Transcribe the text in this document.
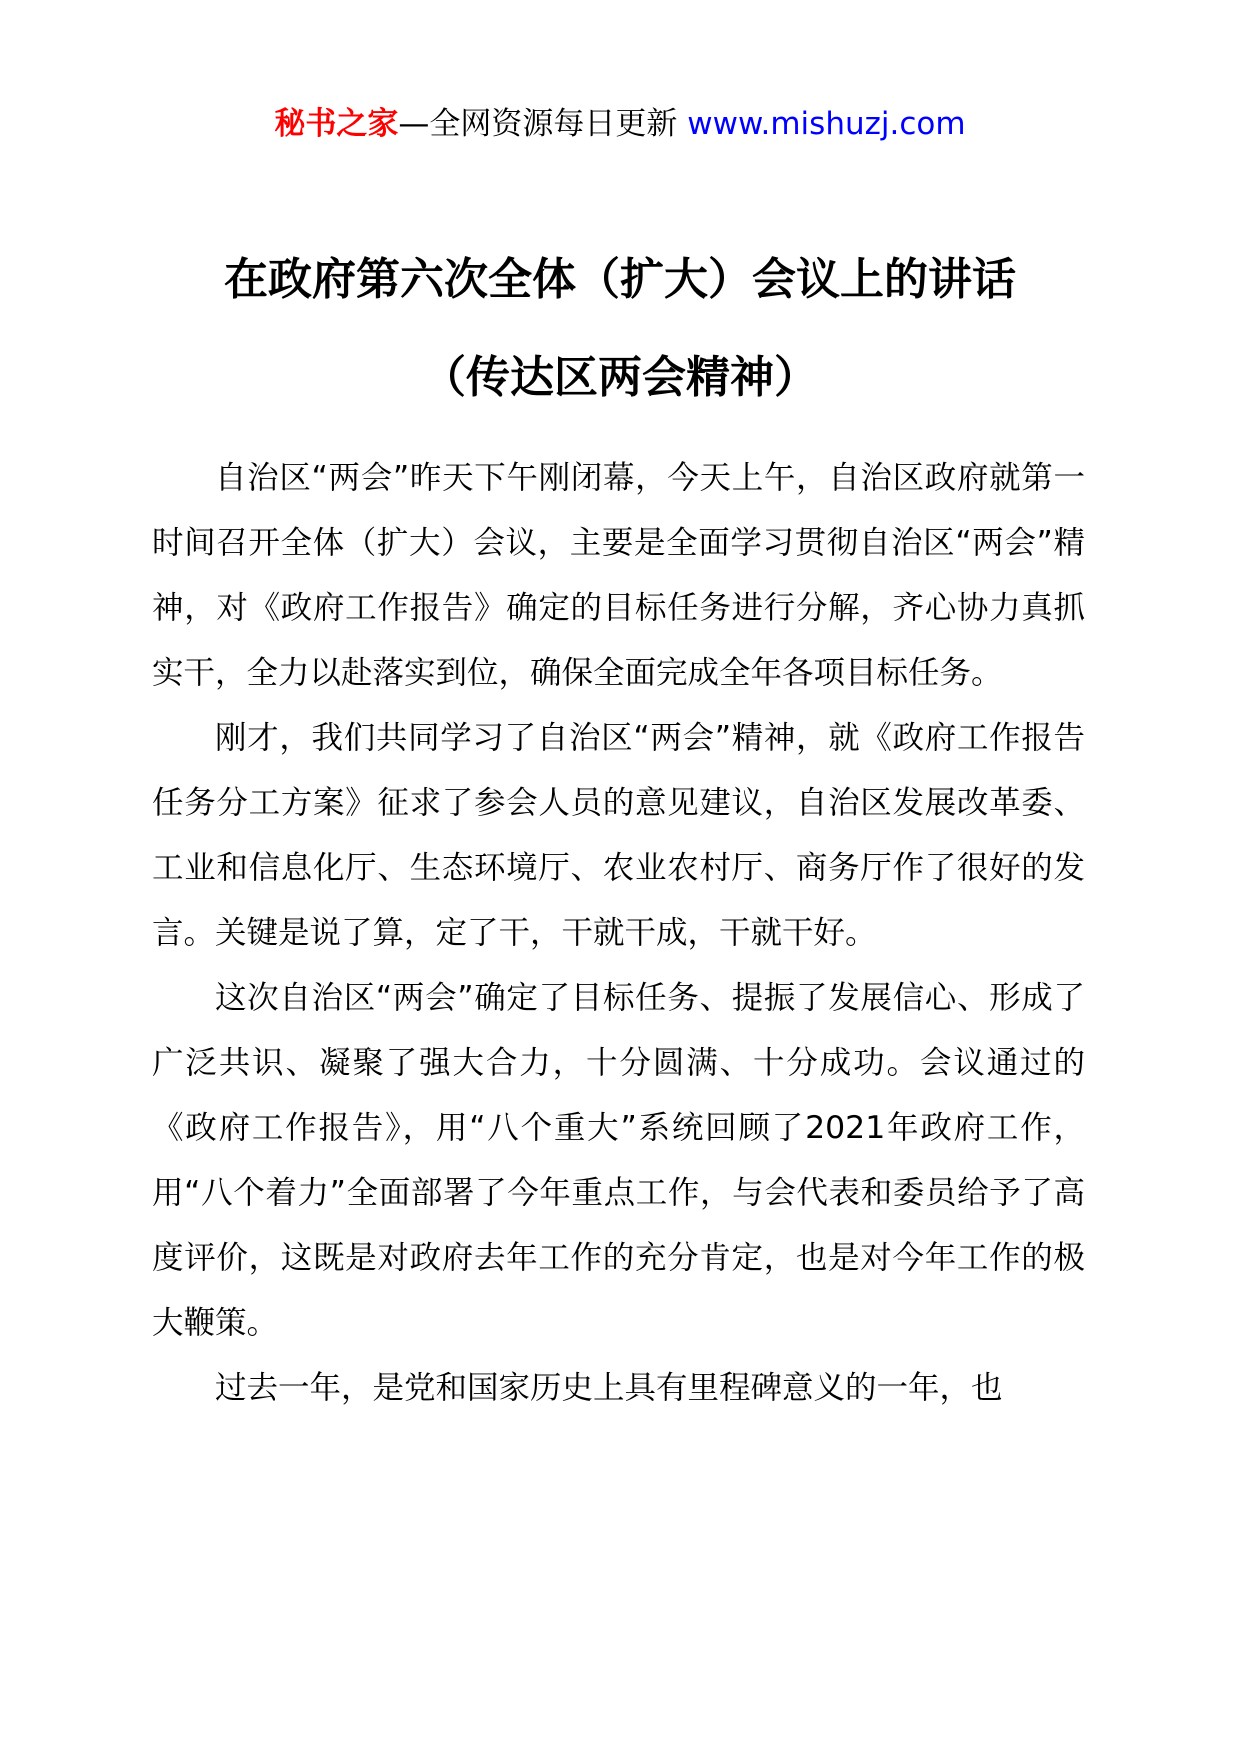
秘书之家—全网资源每日更新 www.mishuzj.com
在政府第六次全体（扩大）会议上的讲话
（传达区两会精神）

自治区“两会”昨天下午刚闭幕，今天上午，自治区政府就第一时间召开全体（扩大）会议，主要是全面学习贯彻自治区“两会”精神，对《政府工作报告》确定的目标任务进行分解，齐心协力真抓实干，全力以赴落实到位，确保全面完成全年各项目标任务。

刚才，我们共同学习了自治区“两会”精神，就《政府工作报告任务分工方案》征求了参会人员的意见建议，自治区发展改革委、工业和信息化厅、生态环境厅、农业农村厅、商务厅作了很好的发言。关键是说了算，定了干，干就干成，干就干好。

这次自治区“两会”确定了目标任务、提振了发展信心、形成了广泛共识、凝聚了强大合力，十分圆满、十分成功。会议通过的《政府工作报告》，用“八个重大”系统回顾了2021年政府工作，用“八个着力”全面部署了今年重点工作，与会代表和委员给予了高度评价，这既是对政府去年工作的充分肯定，也是对今年工作的极大鞭策。

过去一年，是党和国家历史上具有里程碑意义的一年，也
